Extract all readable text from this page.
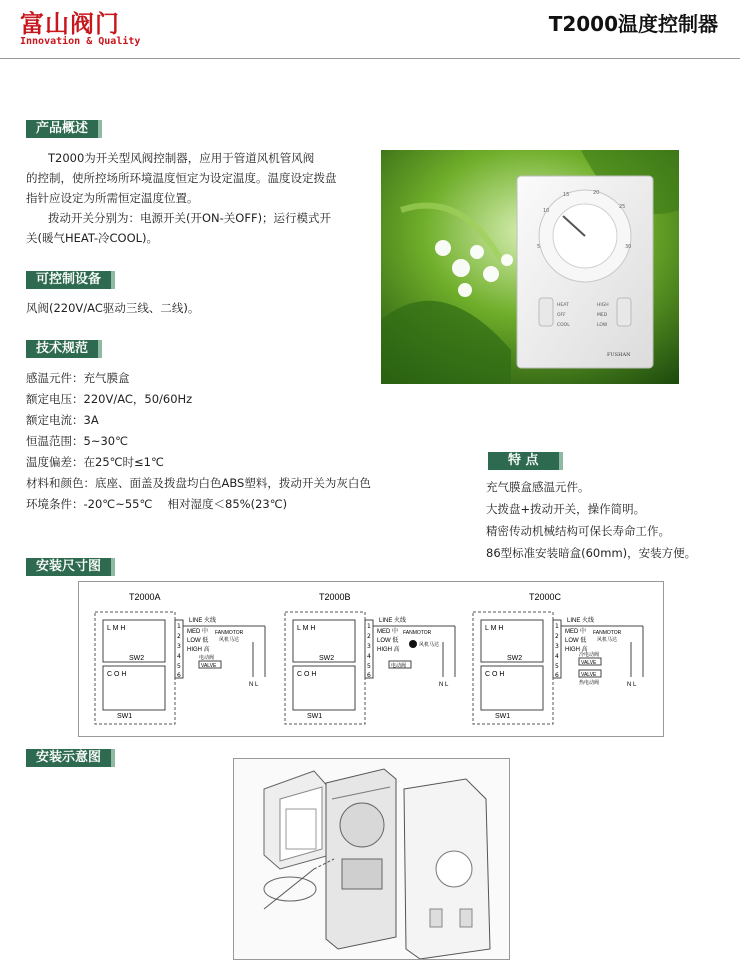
富山阀门
Innovation & Quality
T2000温度控制器
产品概述
T2000为开关型风阀控制器，应用于管道风机管风阀
的控制，使所控场所环境温度恒定为设定温度。温度设定拨盘
指针应设定为所需恒定温度位置。
拨动开关分别为：电源开关(开ON-关OFF)；运行模式开
关(暖气HEAT-冷COOL)。
可控制设备
风阀(220V/AC驱动三线、二线)。
技术规范
感温元件：充气膜盒
额定电压：220V/AC，50/60Hz
额定电流：3A
恒温范围：5~30℃
温度偏差：在25℃时≤1℃
材料和颜色：底座、面盖及拨盘均白色ABS塑料，拨动开关为灰白色
环境条件：-20℃~55℃　 相对湿度＜85%(23℃)
10
15	20
25
30
5
HEAT
OFF
COOL
HIGH
MED
LOW
FUSHAN
特 点
充气膜盒感温元件。
大拨盘+拨动开关，操作简明。
精密传动机械结构可保长寿命工作。
86型标准安装暗盒(60mm)，安装方便。
安装尺寸图
T2000A
L M H
SW2
C O H
SW1
1
2
3
4
5
6
LINE 火线
MED 中
LOW 低
HIGH 高
FANMOTOR
风机马达
电动阀
VALVE
N L
T2000B
L M H
SW2
C O H
SW1
1
2
3
4
5
6
LINE 火线
MED 中
LOW 低
HIGH 高
FANMOTOR
风机马达
电动阀
N L
T2000C
L M H
SW2
C O H
SW1
1
2
3
4
5
6
LINE 火线
MED 中
LOW 低
HIGH 高
FANMOTOR
风机马达
冷电动阀
VALVE
VALVE
热电动阀	N L
安装示意图
